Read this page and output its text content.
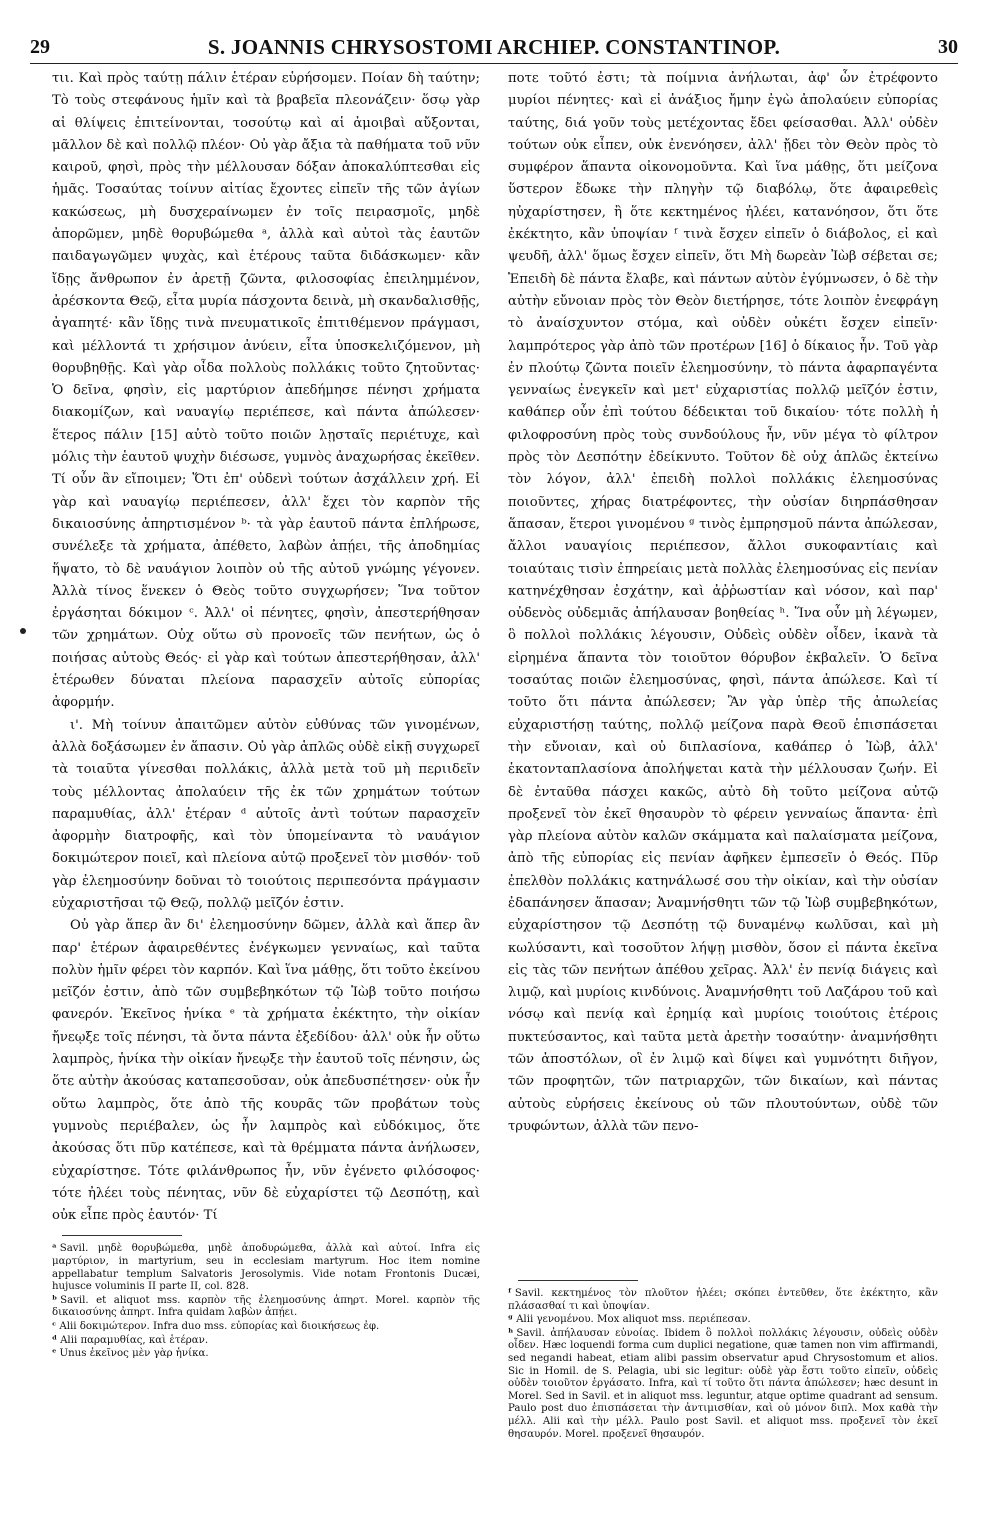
29	S. JOANNIS CHRYSOSTOMI ARCHIEP. CONSTANTINOP.	30

τιι. Καὶ πρὸς ταύτῃ πάλιν ἑτέραν εὑρήσομεν. Ποίαν δὴ ταύτην; Τὸ τοὺς στεφάνους ἡμῖν καὶ τὰ βραβεῖα πλεονάζειν· ὅσῳ γὰρ αἱ θλίψεις ἐπιτείνονται, τοσούτῳ καὶ αἱ ἀμοιβαὶ αὔξονται, μᾶλλον δὲ καὶ πολλῷ πλέον· Οὐ γὰρ ἄξια τὰ παθήματα τοῦ νῦν καιροῦ, φησὶ, πρὸς τὴν μέλλουσαν δόξαν ἀποκαλύπτεσθαι εἰς ἡμᾶς. Τοσαύτας τοίνυν αἰτίας ἔχοντες εἰπεῖν τῆς τῶν ἁγίων κακώσεως, μὴ δυσχεραίνωμεν ἐν τοῖς πειρασμοῖς, μηδὲ ἀπορῶμεν, μηδὲ θορυβώμεθα ᵃ, ἀλλὰ καὶ αὐτοὶ τὰς ἑαυτῶν παιδαγωγῶμεν ψυχὰς, καὶ ἑτέρους ταῦτα διδάσκωμεν· κἂν ἴδῃς ἄνθρωπον ἐν ἀρετῇ ζῶντα, φιλοσοφίας ἐπειλημμένον, ἀρέσκοντα Θεῷ, εἶτα μυρία πάσχοντα δεινὰ, μὴ σκανδαλισθῇς, ἀγαπητέ· κἂν ἴδῃς τινὰ πνευματικοῖς ἐπιτιθέμενον πράγμασι, καὶ μέλλοντά τι χρήσιμον ἀνύειν, εἶτα ὑποσκελιζόμενον, μὴ θορυβηθῇς. Καὶ γὰρ οἶδα πολλοὺς πολλάκις τοῦτο ζητοῦντας· Ὁ δεῖνα, φησὶν, εἰς μαρτύριον ἀπεδήμησε πένησι χρήματα διακομίζων, καὶ ναυαγίῳ περιέπεσε, καὶ πάντα ἀπώλεσεν· ἕτερος πάλιν [15] αὐτὸ τοῦτο ποιῶν λῃσταῖς περιέτυχε, καὶ μόλις τὴν ἑαυτοῦ ψυχὴν διέσωσε, γυμνὸς ἀναχωρήσας ἐκεῖθεν. Τί οὖν ἂν εἴποιμεν; Ὅτι ἐπ' οὐδενὶ τούτων ἀσχάλλειν χρή. Εἰ γὰρ καὶ ναυαγίῳ περιέπεσεν, ἀλλ' ἔχει τὸν καρπὸν τῆς δικαιοσύνης ἀπηρτισμένον ᵇ· τὰ γὰρ ἑαυτοῦ πάντα ἐπλήρωσε, συνέλεξε τὰ χρήματα, ἀπέθετο, λαβὼν ἀπῄει, τῆς ἀποδημίας ἥψατο, τὸ δὲ ναυάγιον λοιπὸν οὐ τῆς αὐτοῦ γνώμης γέγονεν. Ἀλλὰ τίνος ἕνεκεν ὁ Θεὸς τοῦτο συγχωρήσεν; Ἵνα τοῦτον ἐργάσηται δόκιμον ᶜ. Ἀλλ' οἱ πένητες, φησὶν, ἀπεστερήθησαν τῶν χρημάτων. Οὐχ οὕτω σὺ προνοεῖς τῶν πενήτων, ὡς ὁ ποιήσας αὐτοὺς Θεός· εἰ γὰρ καὶ τούτων ἀπεστερήθησαν, ἀλλ' ἑτέρωθεν δύναται πλείονα παρασχεῖν αὐτοῖς εὐπορίας ἀφορμήν.

ι'. Μὴ τοίνυν ἀπαιτῶμεν αὐτὸν εὐθύνας τῶν γινομένων, ἀλλὰ δοξάσωμεν ἐν ἅπασιν. Οὐ γὰρ ἁπλῶς οὐδὲ εἰκῇ συγχωρεῖ τὰ τοιαῦτα γίνεσθαι πολλάκις, ἀλλὰ μετὰ τοῦ μὴ περιιδεῖν τοὺς μέλλοντας ἀπολαύειν τῆς ἐκ τῶν χρημάτων τούτων παραμυθίας, ἀλλ' ἑτέραν ᵈ αὐτοῖς ἀντὶ τούτων παρασχεῖν ἀφορμὴν διατροφῆς, καὶ τὸν ὑπομείναντα τὸ ναυάγιον δοκιμώτερον ποιεῖ, καὶ πλείονα αὐτῷ προξενεῖ τὸν μισθόν· τοῦ γὰρ ἐλεημοσύνην δοῦναι τὸ τοιούτοις περιπεσόντα πράγμασιν εὐχαριστῆσαι τῷ Θεῷ, πολλῷ μεῖζόν ἐστιν.

Οὐ γὰρ ἅπερ ἂν δι' ἐλεημοσύνην δῶμεν, ἀλλὰ καὶ ἅπερ ἂν παρ' ἑτέρων ἀφαιρεθέντες ἐνέγκωμεν γενναίως, καὶ ταῦτα πολὺν ἡμῖν φέρει τὸν καρπόν. Καὶ ἵνα μάθῃς, ὅτι τοῦτο ἐκείνου μεῖζόν ἐστιν, ἀπὸ τῶν συμβεβηκότων τῷ Ἰὼβ τοῦτο ποιήσω φανερόν. Ἐκεῖνος ἡνίκα ᵉ τὰ χρήματα ἐκέκτητο, τὴν οἰκίαν ἤνεῳξε τοῖς πένησι, τὰ ὄντα πάντα ἐξεδίδου· ἀλλ' οὐκ ἦν οὕτω λαμπρὸς, ἡνίκα τὴν οἰκίαν ἤνεῳξε τὴν ἑαυτοῦ τοῖς πένησιν, ὡς ὅτε αὐτὴν ἀκούσας καταπεσοῦσαν, οὐκ ἀπεδυσπέτησεν· οὐκ ἦν οὕτω λαμπρὸς, ὅτε ἀπὸ τῆς κουρᾶς τῶν προβάτων τοὺς γυμνοὺς περιέβαλεν, ὡς ἦν λαμπρὸς καὶ εὐδόκιμος, ὅτε ἀκούσας ὅτι πῦρ κατέπεσε, καὶ τὰ θρέμματα πάντα ἀνήλωσεν, εὐχαρίστησε. Τότε φιλάνθρωπος ἦν, νῦν ἐγένετο φιλόσοφος· τότε ἠλέει τοὺς πένητας, νῦν δὲ εὐχαρίστει τῷ Δεσπότῃ, καὶ οὐκ εἶπε πρὸς ἑαυτόν· Τί

ᵃ Savil. μηδὲ θορυβώμεθα, μηδὲ ἀποδυρώμεθα, ἀλλὰ καὶ αὐτοί. Infra εἰς μαρτύριον, in martyrium, seu in ecclesiam martyrum. Hoc item nomine appellabatur templum Salvatoris Jerosolymis. Vide notam Frontonis Ducæi, hujusce voluminis II parte II, col. 828.

ᵇ Savil. et aliquot mss. καρπὸν τῆς ἐλεημοσύνης ἀπηρτ. Morel. καρπὸν τῆς δικαιοσύνης ἀπηρτ. Infra quidam λαβὼν ἀπῄει.

ᶜ Alii δοκιμώτερον. Infra duo mss. εὐπορίας καὶ διοικήσεως ἐφ.

ᵈ Alii παραμυθίας, καὶ ἑτέραν.

ᵉ Unus ἐκεῖνος μὲν γὰρ ἡνίκα.

ποτε τοῦτό ἐστι; τὰ ποίμνια ἀνήλωται, ἀφ' ὧν ἐτρέφοντο μυρίοι πένητες· καὶ εἰ ἀνάξιος ἤμην ἐγὼ ἀπολαύειν εὐπορίας ταύτης, διά γοῦν τοὺς μετέχοντας ἔδει φείσασθαι. Ἀλλ' οὐδὲν τούτων οὐκ εἶπεν, οὐκ ἐνενόησεν, ἀλλ' ᾔδει τὸν Θεὸν πρὸς τὸ συμφέρον ἅπαντα οἰκονομοῦντα. Καὶ ἵνα μάθῃς, ὅτι μείζονα ὕστερον ἔδωκε τὴν πληγὴν τῷ διαβόλῳ, ὅτε ἀφαιρεθεὶς ηὐχαρίστησεν, ἢ ὅτε κεκτημένος ἠλέει, κατανόησον, ὅτι ὅτε ἐκέκτητο, κἂν ὑποψίαν ᶠ τινὰ ἔσχεν εἰπεῖν ὁ διάβολος, εἰ καὶ ψευδῆ, ἀλλ' ὅμως ἔσχεν εἰπεῖν, ὅτι Μὴ δωρεὰν Ἰὼβ σέβεται σε; Ἐπειδὴ δὲ πάντα ἔλαβε, καὶ πάντων αὐτὸν ἐγύμνωσεν, ὁ δὲ τὴν αὐτὴν εὔνοιαν πρὸς τὸν Θεὸν διετήρησε, τότε λοιπὸν ἐνεφράγη τὸ ἀναίσχυντον στόμα, καὶ οὐδὲν οὐκέτι ἔσχεν εἰπεῖν· λαμπρότερος γὰρ ἀπὸ τῶν προτέρων [16] ὁ δίκαιος ἦν. Τοῦ γὰρ ἐν πλούτῳ ζῶντα ποιεῖν ἐλεημοσύνην, τὸ πάντα ἀφαρπαγέντα γενναίως ἐνεγκεῖν καὶ μετ' εὐχαριστίας πολλῷ μεῖζόν ἐστιν, καθάπερ οὖν ἐπὶ τούτου δέδεικται τοῦ δικαίου· τότε πολλὴ ἡ φιλοφροσύνη πρὸς τοὺς συνδούλους ἦν, νῦν μέγα τὸ φίλτρον πρὸς τὸν Δεσπότην ἐδείκνυτο. Τοῦτον δὲ οὐχ ἁπλῶς ἐκτείνω τὸν λόγον, ἀλλ' ἐπειδὴ πολλοὶ πολλάκις ἐλεημοσύνας ποιοῦντες, χήρας διατρέφοντες, τὴν οὐσίαν διηρπάσθησαν ἅπασαν, ἕτεροι γινομένου ᵍ τινὸς ἐμπρησμοῦ πάντα ἀπώλεσαν, ἄλλοι ναυαγίοις περιέπεσον, ἄλλοι συκοφαντίαις καὶ τοιαύταις τισὶν ἐπηρείαις μετὰ πολλὰς ἐλεημοσύνας εἰς πενίαν κατηνέχθησαν ἐσχάτην, καὶ ἀῤῥωστίαν καὶ νόσον, καὶ παρ' οὐδενὸς οὐδεμιᾶς ἀπήλαυσαν βοηθείας ʰ. Ἵνα οὖν μὴ λέγωμεν, ὃ πολλοὶ πολλάκις λέγουσιν, Οὐδεὶς οὐδὲν οἶδεν, ἱκανὰ τὰ εἰρημένα ἅπαντα τὸν τοιοῦτον θόρυβον ἐκβαλεῖν. Ὁ δεῖνα τοσαύτας ποιῶν ἐλεημοσύνας, φησὶ, πάντα ἀπώλεσε. Καὶ τί τοῦτο ὅτι πάντα ἀπώλεσεν; Ἂν γὰρ ὑπὲρ τῆς ἀπωλείας εὐχαριστήσῃ ταύτης, πολλῷ μείζονα παρὰ Θεοῦ ἐπισπάσεται τὴν εὔνοιαν, καὶ οὐ διπλασίονα, καθάπερ ὁ Ἰὼβ, ἀλλ' ἑκατονταπλασίονα ἀπολήψεται κατὰ τὴν μέλλουσαν ζωήν. Εἰ δὲ ἐνταῦθα πάσχει κακῶς, αὐτὸ δὴ τοῦτο μείζονα αὐτῷ προξενεῖ τὸν ἐκεῖ θησαυρὸν τὸ φέρειν γενναίως ἅπαντα· ἐπὶ γὰρ πλείονα αὐτὸν καλῶν σκάμματα καὶ παλαίσματα μείζονα, ἀπὸ τῆς εὐπορίας εἰς πενίαν ἀφῆκεν ἐμπεσεῖν ὁ Θεός. Πῦρ ἐπελθὸν πολλάκις κατηνάλωσέ σου τὴν οἰκίαν, καὶ τὴν οὐσίαν ἐδαπάνησεν ἅπασαν; Ἀναμνήσθητι τῶν τῷ Ἰὼβ συμβεβηκότων, εὐχαρίστησον τῷ Δεσπότῃ τῷ δυναμένῳ κωλῦσαι, καὶ μὴ κωλύσαντι, καὶ τοσοῦτον λήψῃ μισθὸν, ὅσον εἰ πάντα ἐκεῖνα εἰς τὰς τῶν πενήτων ἀπέθου χεῖρας. Ἀλλ' ἐν πενίᾳ διάγεις καὶ λιμῷ, καὶ μυρίοις κινδύνοις. Ἀναμνήσθητι τοῦ Λαζάρου τοῦ καὶ νόσῳ καὶ πενίᾳ καὶ ἐρημίᾳ καὶ μυρίοις τοιούτοις ἑτέροις πυκτεύσαντος, καὶ ταῦτα μετὰ ἀρετὴν τοσαύτην· ἀναμνήσθητι τῶν ἀποστόλων, οἳ ἐν λιμῷ καὶ δίψει καὶ γυμνότητι διῆγον, τῶν προφητῶν, τῶν πατριαρχῶν, τῶν δικαίων, καὶ πάντας αὐτοὺς εὑρήσεις ἐκείνους οὐ τῶν πλουτούντων, οὐδὲ τῶν τρυφώντων, ἀλλὰ τῶν πενο-

ᶠ Savil. κεκτημένος τὸν πλοῦτον ἠλέει; σκόπει ἐντεῦθεν, ὅτε ἐκέκτητο, κἂν πλάσασθαί τι καὶ ὑποψίαν.

ᵍ Alii γενομένου. Mox aliquot mss. περιέπεσαν.

ʰ Savil. ἀπήλαυσαν εὐνοίας. Ibidem ὃ πολλοὶ πολλάκις λέγουσιν, οὐδεὶς οὐδὲν οἶδεν. Hæc loquendi forma cum duplici negatione, quæ tamen non vim affirmandi, sed negandi habeat, etiam alibi passim observatur apud Chrysostomum et alios. Sic in Homil. de S. Pelagia, ubi sic legitur: οὐδὲ γὰρ ἔστι τοῦτο εἰπεῖν, οὐδεὶς οὐδὲν τοιοῦτον ἐργάσατο. Infra, καὶ τί τοῦτο ὅτι πάντα ἀπώλεσεν; hæc desunt in Morel. Sed in Savil. et in aliquot mss. leguntur, atque optime quadrant ad sensum. Paulo post duo ἐπισπάσεται τὴν ἀντιμισθίαν, καὶ οὐ μόνον διπλ. Mox καθὰ τὴν μέλλ. Alii καὶ τὴν μέλλ. Paulo post Savil. et aliquot mss. προξενεῖ τὸν ἐκεῖ θησαυρόν. Morel. προξενεῖ θησαυρόν.
